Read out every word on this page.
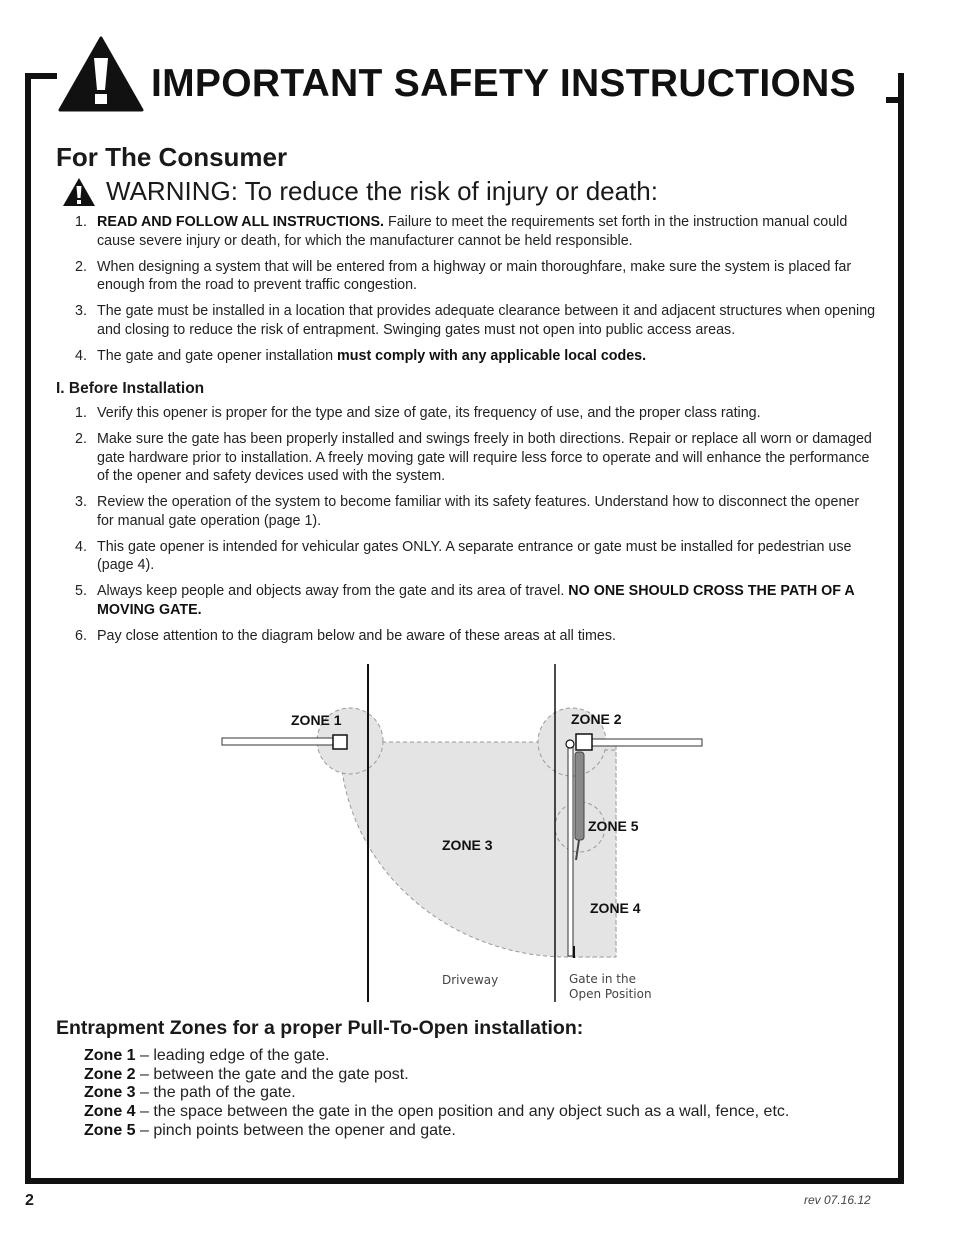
IMPORTANT SAFETY INSTRUCTIONS
For The Consumer
WARNING: To reduce the risk of injury or death:
1. READ AND FOLLOW ALL INSTRUCTIONS. Failure to meet the requirements set forth in the instruction manual could cause severe injury or death, for which the manufacturer cannot be held responsible.
2. When designing a system that will be entered from a highway or main thoroughfare, make sure the system is placed far enough from the road to prevent traffic congestion.
3. The gate must be installed in a location that provides adequate clearance between it and adjacent structures when opening and closing to reduce the risk of entrapment. Swinging gates must not open into public access areas.
4. The gate and gate opener installation must comply with any applicable local codes.
I. Before Installation
1. Verify this opener is proper for the type and size of gate, its frequency of use, and the proper class rating.
2. Make sure the gate has been properly installed and swings freely in both directions. Repair or replace all worn or damaged gate hardware prior to installation. A freely moving gate will require less force to operate and will enhance the performance of the opener and safety devices used with the system.
3. Review the operation of the system to become familiar with its safety features. Understand how to disconnect the opener for manual gate operation (page 1).
4. This gate opener is intended for vehicular gates ONLY. A separate entrance or gate must be installed for pedestrian use (page 4).
5. Always keep people and objects away from the gate and its area of travel. NO ONE SHOULD CROSS THE PATH OF A MOVING GATE.
6. Pay close attention to the diagram below and be aware of these areas at all times.
ZONE 1	ZONE 2
ZONE 3
ZONE 4
ZONE 5
Driveway	Gate in the
Open Position
Entrapment Zones for a proper Pull-To-Open installation:
Zone 1 – leading edge of the gate.
Zone 2 – between the gate and the gate post.
Zone 3 – the path of the gate.
Zone 4 – the space between the gate in the open position and any object such as a wall, fence, etc.
Zone 5 – pinch points between the opener and gate.
2	rev 07.16.12
